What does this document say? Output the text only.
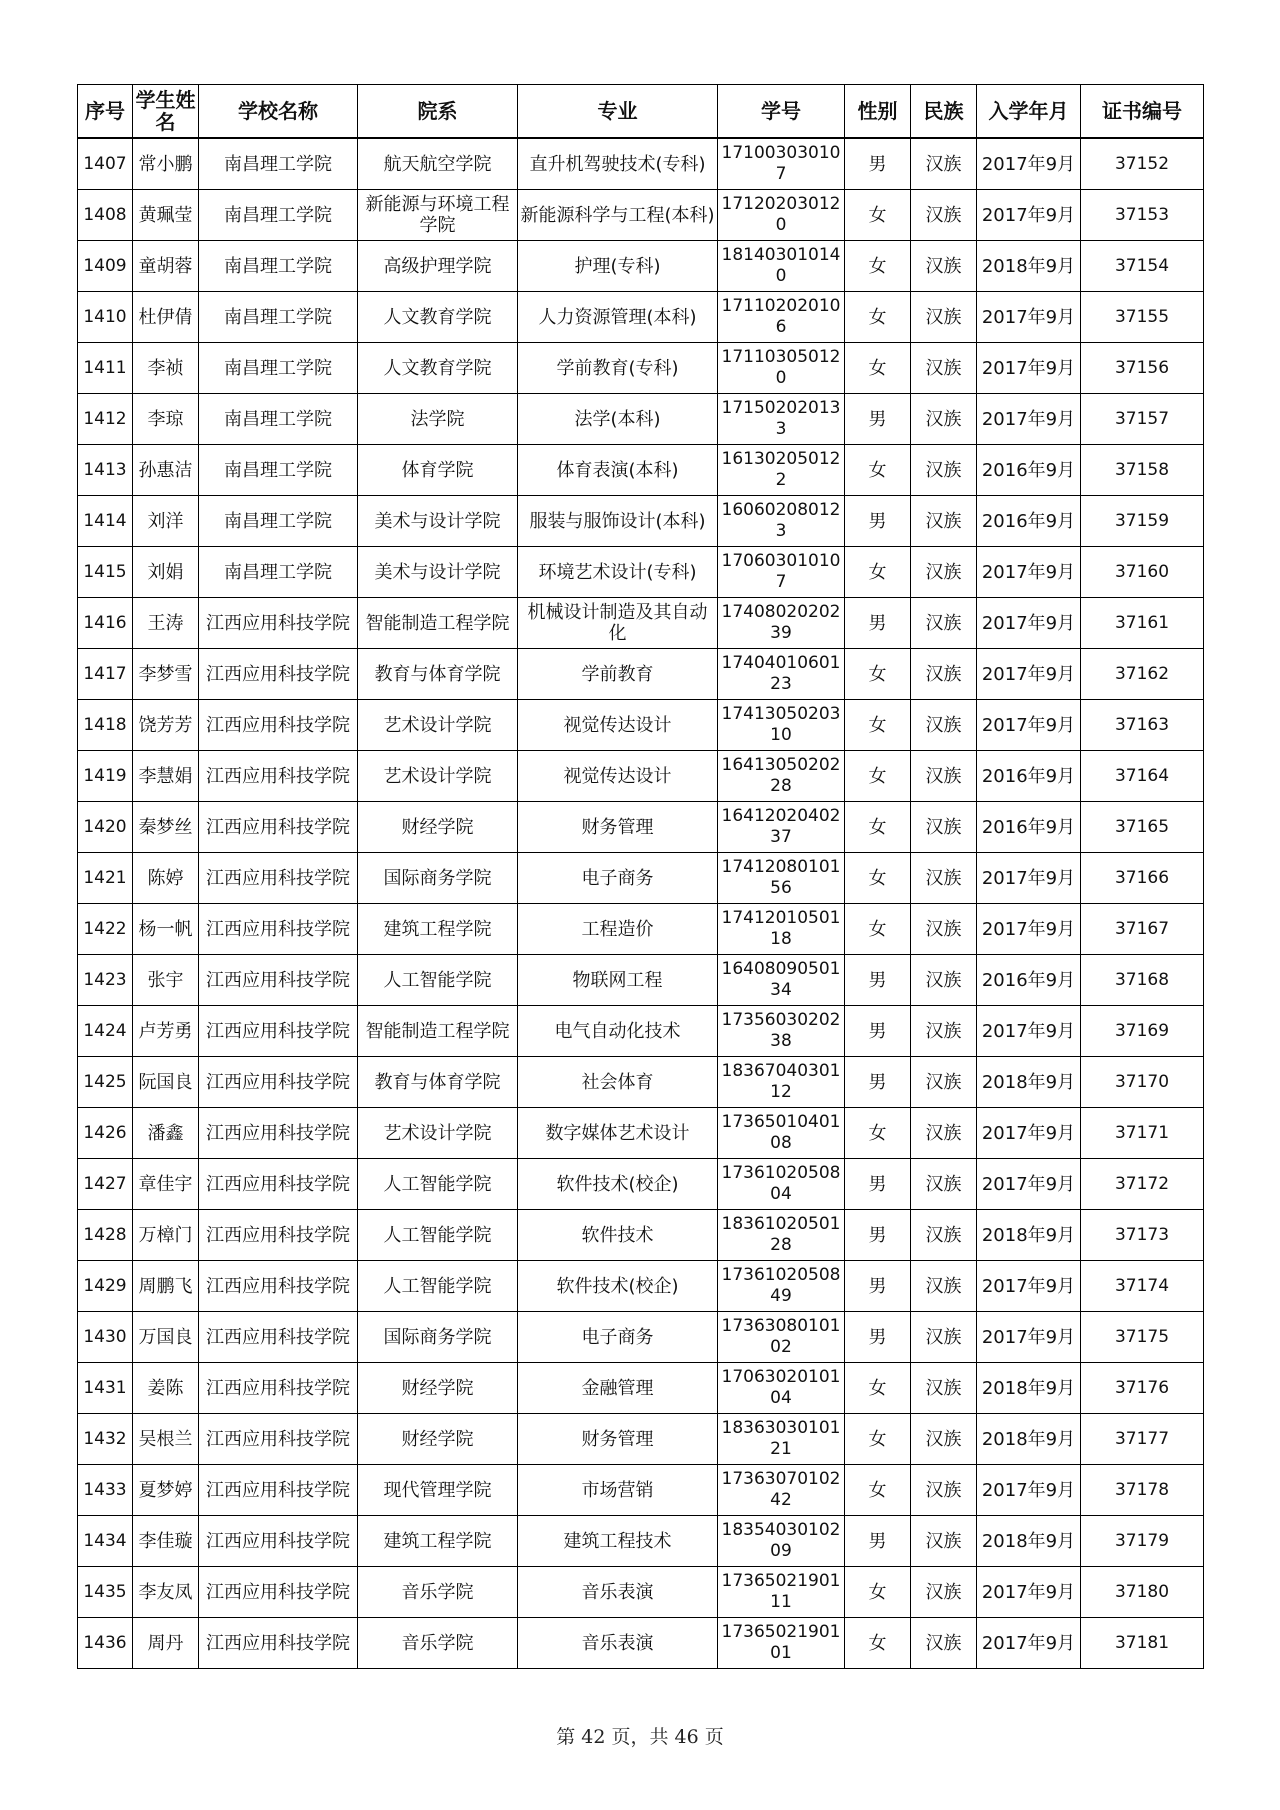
序号	学生姓名	学校名称	院系	专业	学号	性别	民族	入学年月	证书编号
1407	常小鹏	南昌理工学院	航天航空学院	直升机驾驶技术(专科)	171003030107	男	汉族	2017年9月	37152
1408	黄珮莹	南昌理工学院	新能源与环境工程学院	新能源科学与工程(本科)	171202030120	女	汉族	2017年9月	37153
1409	童胡蓉	南昌理工学院	高级护理学院	护理(专科)	181403010140	女	汉族	2018年9月	37154
1410	杜伊倩	南昌理工学院	人文教育学院	人力资源管理(本科)	171102020106	女	汉族	2017年9月	37155
1411	李祯	南昌理工学院	人文教育学院	学前教育(专科)	171103050120	女	汉族	2017年9月	37156
1412	李琼	南昌理工学院	法学院	法学(本科)	171502020133	男	汉族	2017年9月	37157
1413	孙惠洁	南昌理工学院	体育学院	体育表演(本科)	161302050122	女	汉族	2016年9月	37158
1414	刘洋	南昌理工学院	美术与设计学院	服装与服饰设计(本科)	160602080123	男	汉族	2016年9月	37159
1415	刘娟	南昌理工学院	美术与设计学院	环境艺术设计(专科)	170603010107	女	汉族	2017年9月	37160
1416	王涛	江西应用科技学院	智能制造工程学院	机械设计制造及其自动化	1740802020239	男	汉族	2017年9月	37161
1417	李梦雪	江西应用科技学院	教育与体育学院	学前教育	1740401060123	女	汉族	2017年9月	37162
1418	饶芳芳	江西应用科技学院	艺术设计学院	视觉传达设计	1741305020310	女	汉族	2017年9月	37163
1419	李慧娟	江西应用科技学院	艺术设计学院	视觉传达设计	1641305020228	女	汉族	2016年9月	37164
1420	秦梦丝	江西应用科技学院	财经学院	财务管理	1641202040237	女	汉族	2016年9月	37165
1421	陈婷	江西应用科技学院	国际商务学院	电子商务	1741208010156	女	汉族	2017年9月	37166
1422	杨一帆	江西应用科技学院	建筑工程学院	工程造价	1741201050118	女	汉族	2017年9月	37167
1423	张宇	江西应用科技学院	人工智能学院	物联网工程	1640809050134	男	汉族	2016年9月	37168
1424	卢芳勇	江西应用科技学院	智能制造工程学院	电气自动化技术	1735603020238	男	汉族	2017年9月	37169
1425	阮国良	江西应用科技学院	教育与体育学院	社会体育	1836704030112	男	汉族	2018年9月	37170
1426	潘鑫	江西应用科技学院	艺术设计学院	数字媒体艺术设计	1736501040108	女	汉族	2017年9月	37171
1427	章佳宇	江西应用科技学院	人工智能学院	软件技术(校企)	1736102050804	男	汉族	2017年9月	37172
1428	万樟门	江西应用科技学院	人工智能学院	软件技术	1836102050128	男	汉族	2018年9月	37173
1429	周鹏飞	江西应用科技学院	人工智能学院	软件技术(校企)	1736102050849	男	汉族	2017年9月	37174
1430	万国良	江西应用科技学院	国际商务学院	电子商务	1736308010102	男	汉族	2017年9月	37175
1431	姜陈	江西应用科技学院	财经学院	金融管理	1706302010104	女	汉族	2018年9月	37176
1432	吴根兰	江西应用科技学院	财经学院	财务管理	1836303010121	女	汉族	2018年9月	37177
1433	夏梦婷	江西应用科技学院	现代管理学院	市场营销	1736307010242	女	汉族	2017年9月	37178
1434	李佳璇	江西应用科技学院	建筑工程学院	建筑工程技术	1835403010209	男	汉族	2018年9月	37179
1435	李友凤	江西应用科技学院	音乐学院	音乐表演	1736502190111	女	汉族	2017年9月	37180
1436	周丹	江西应用科技学院	音乐学院	音乐表演	1736502190101	女	汉族	2017年9月	37181
第 42 页，共 46 页
